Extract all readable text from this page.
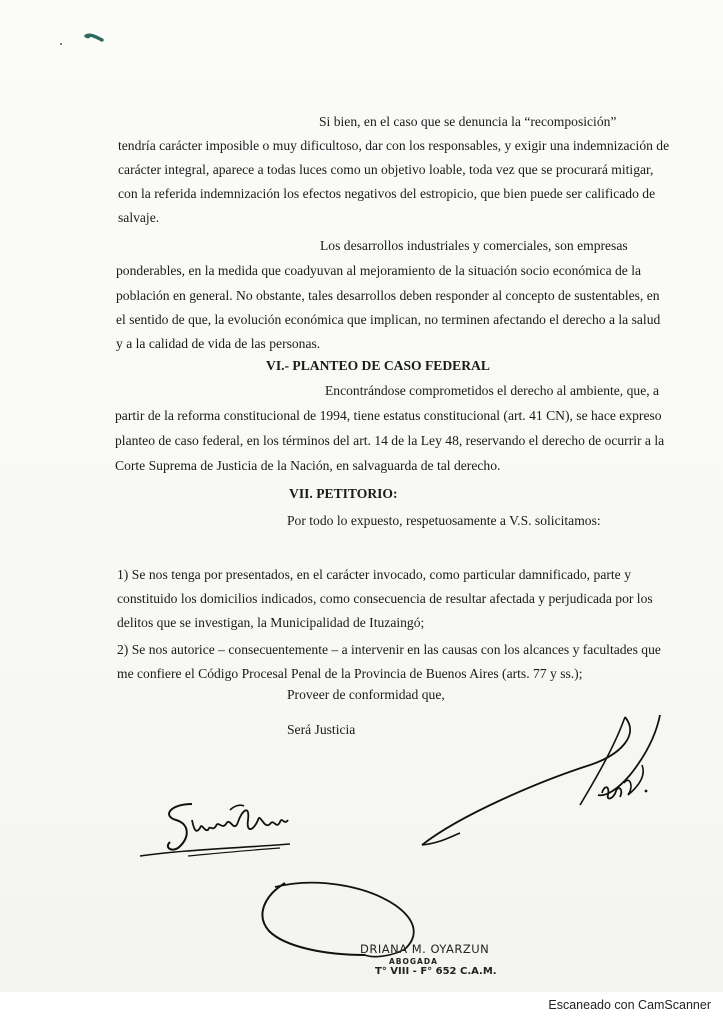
Si bien, en el caso que se denuncia la “recomposición”
tendría carácter imposible o muy dificultoso, dar con los responsables, y exigir una indemnización de
carácter integral, aparece a todas luces como un objetivo loable, toda vez que se procurará mitigar,
con la referida indemnización los efectos negativos del estropicio, que bien puede ser calificado de
salvaje.
Los desarrollos industriales y comerciales, son empresas
ponderables, en la medida que coadyuvan al mejoramiento de la situación socio económica de la
población en general. No obstante, tales desarrollos deben responder al concepto de sustentables, en
el sentido de que, la evolución económica que implican, no terminen afectando el derecho a la salud
y a la calidad de vida de las personas.
VI.- PLANTEO DE CASO FEDERAL
Encontrándose comprometidos el derecho al ambiente, que, a
partir de la reforma constitucional de 1994, tiene estatus constitucional (art. 41 CN), se hace expreso
planteo de caso federal, en los términos del art. 14 de la Ley 48, reservando el derecho de ocurrir a la
Corte Suprema de Justicia de la Nación, en salvaguarda de tal derecho.
VII. PETITORIO:
Por todo lo expuesto, respetuosamente a V.S. solicitamos:
1) Se nos tenga por presentados, en el carácter invocado, como particular damnificado, parte y
constituido los domicilios indicados, como consecuencia de resultar afectada y perjudicada por los
delitos que se investigan, la Municipalidad de Ituzaingó;
2) Se nos autorice – consecuentemente – a intervenir en las causas con los alcances y facultades que
me confiere el Código Procesal Penal de la Provincia de Buenos Aires (arts. 77 y ss.);
Proveer de conformidad que,
Será Justicia
DRIANA M. OYARZUN
ABOGADA
T° VIII - F° 652 C.A.M.
Escaneado con CamScanner
